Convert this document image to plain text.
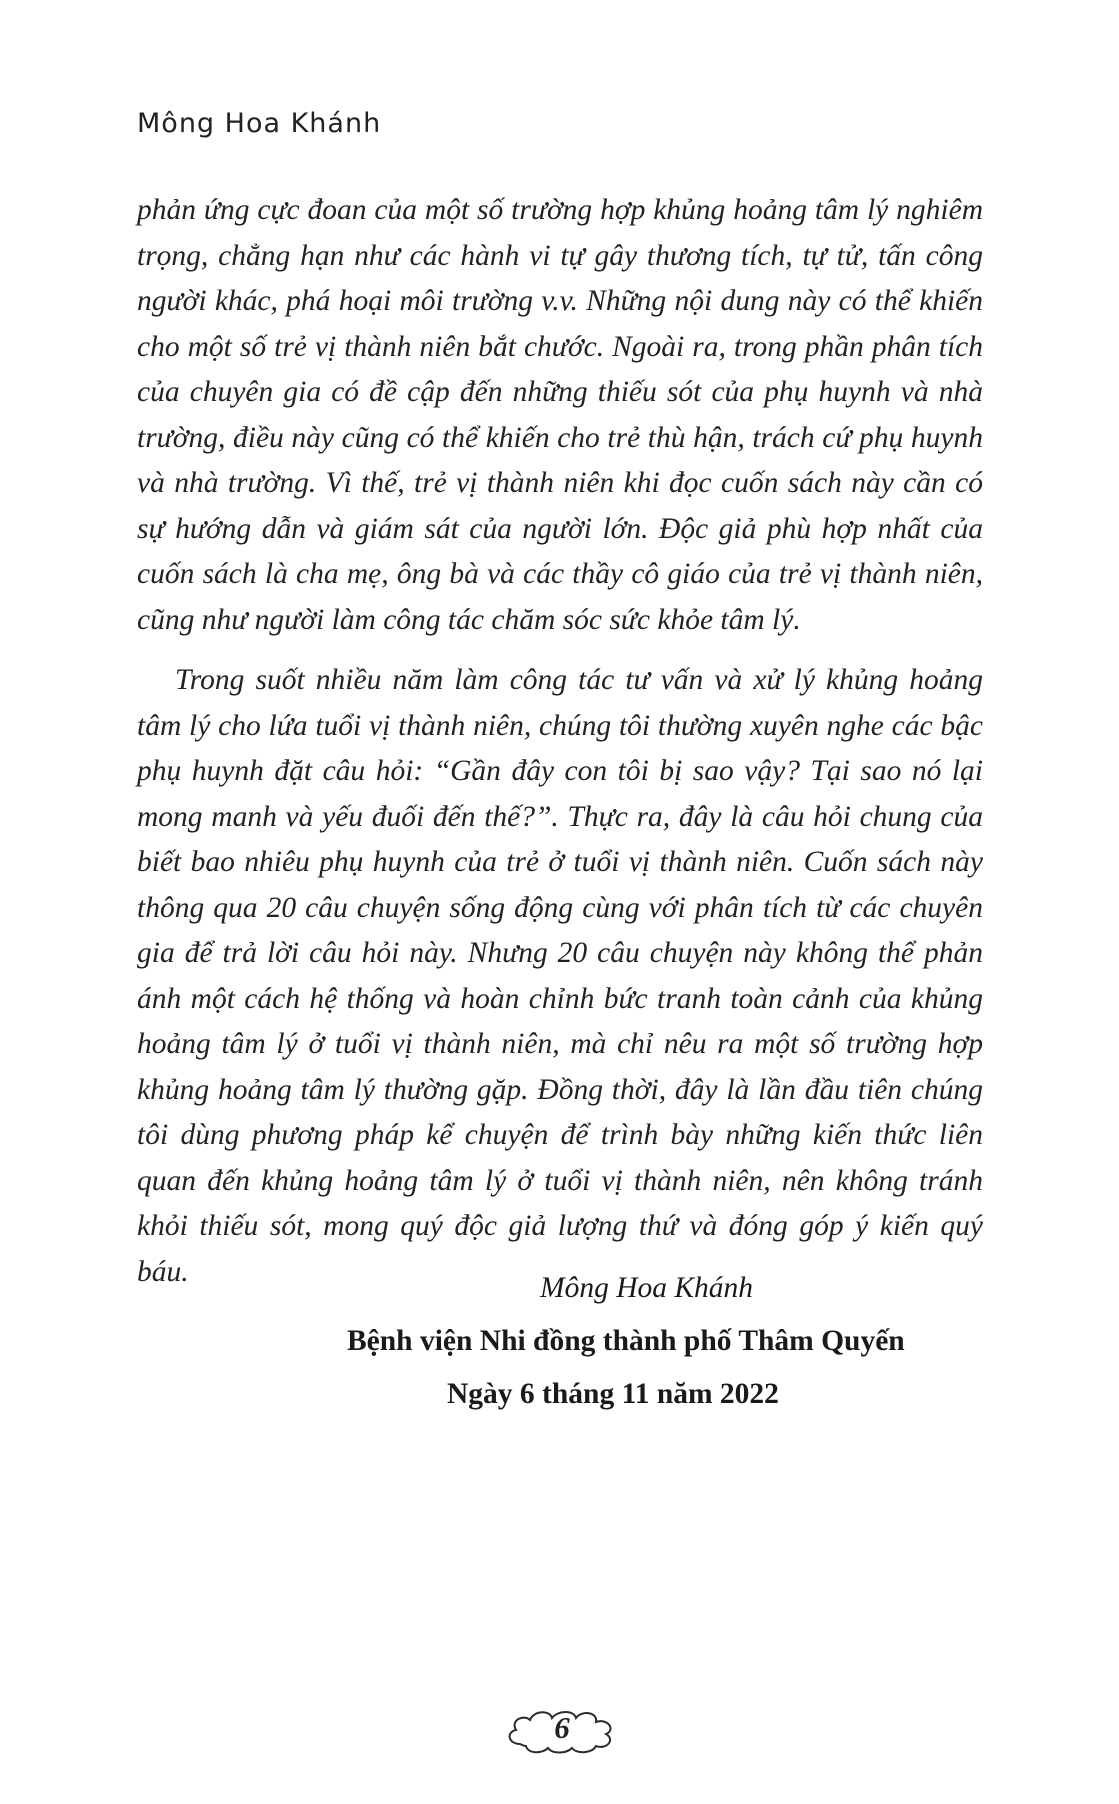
Mông Hoa Khánh

phản ứng cực đoan của một số trường hợp khủng hoảng tâm lý nghiêm trọng, chẳng hạn như các hành vi tự gây thương tích, tự tử, tấn công người khác, phá hoại môi trường v.v. Những nội dung này có thể khiến cho một số trẻ vị thành niên bắt chước. Ngoài ra, trong phần phân tích của chuyên gia có đề cập đến những thiếu sót của phụ huynh và nhà trường, điều này cũng có thể khiến cho trẻ thù hận, trách cứ phụ huynh và nhà trường. Vì thế, trẻ vị thành niên khi đọc cuốn sách này cần có sự hướng dẫn và giám sát của người lớn. Độc giả phù hợp nhất của cuốn sách là cha mẹ, ông bà và các thầy cô giáo của trẻ vị thành niên, cũng như người làm công tác chăm sóc sức khỏe tâm lý.

Trong suốt nhiều năm làm công tác tư vấn và xử lý khủng hoảng tâm lý cho lứa tuổi vị thành niên, chúng tôi thường xuyên nghe các bậc phụ huynh đặt câu hỏi: “Gần đây con tôi bị sao vậy? Tại sao nó lại mong manh và yếu đuối đến thế?”. Thực ra, đây là câu hỏi chung của biết bao nhiêu phụ huynh của trẻ ở tuổi vị thành niên. Cuốn sách này thông qua 20 câu chuyện sống động cùng với phân tích từ các chuyên gia để trả lời câu hỏi này. Nhưng 20 câu chuyện này không thể phản ánh một cách hệ thống và hoàn chỉnh bức tranh toàn cảnh của khủng hoảng tâm lý ở tuổi vị thành niên, mà chỉ nêu ra một số trường hợp khủng hoảng tâm lý thường gặp. Đồng thời, đây là lần đầu tiên chúng tôi dùng phương pháp kể chuyện để trình bày những kiến thức liên quan đến khủng hoảng tâm lý ở tuổi vị thành niên, nên không tránh khỏi thiếu sót, mong quý độc giả lượng thứ và đóng góp ý kiến quý báu.

Mông Hoa Khánh
Bệnh viện Nhi đồng thành phố Thâm Quyến
Ngày 6 tháng 11 năm 2022
6
